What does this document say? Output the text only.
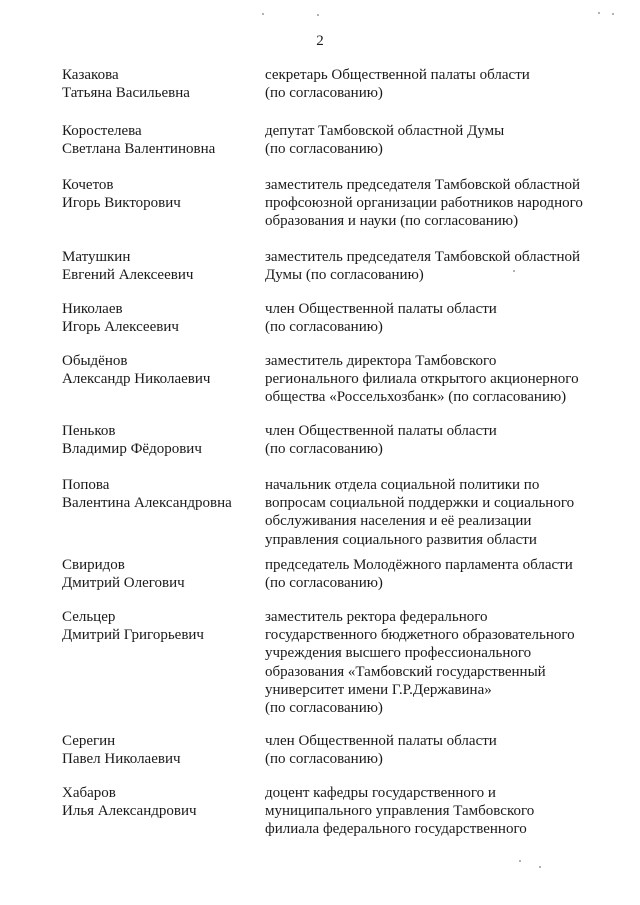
2
Казакова
Татьяна Васильевна
секретарь Общественной палаты области
(по согласованию)
Коростелева
Светлана Валентиновна
депутат Тамбовской областной Думы
(по согласованию)
Кочетов
Игорь Викторович
заместитель председателя Тамбовской областной
профсоюзной организации работников народного
образования и науки (по согласованию)
Матушкин
Евгений Алексеевич
заместитель председателя Тамбовской областной
Думы (по согласованию)
Николаев
Игорь Алексеевич
член Общественной палаты области
(по согласованию)
Обыдёнов
Александр Николаевич
заместитель директора Тамбовского
регионального филиала открытого акционерного
общества «Россельхозбанк» (по согласованию)
Пеньков
Владимир Фёдорович
член Общественной палаты области
(по согласованию)
Попова
Валентина Александровна
начальник отдела социальной политики по
вопросам социальной поддержки и социального
обслуживания населения и её реализации
управления социального развития области
Свиридов
Дмитрий Олегович
председатель Молодёжного парламента области
(по согласованию)
Сельцер
Дмитрий Григорьевич
заместитель ректора федерального
государственного бюджетного образовательного
учреждения высшего профессионального
образования «Тамбовский государственный
университет имени Г.Р.Державина»
(по согласованию)
Серегин
Павел Николаевич
член Общественной палаты области
(по согласованию)
Хабаров
Илья Александрович
доцент кафедры государственного и
муниципального управления Тамбовского
филиала федерального государственного
